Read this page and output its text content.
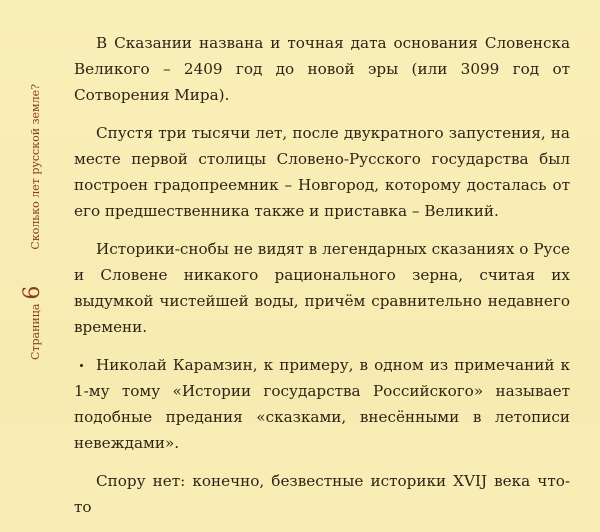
Страница
6
Сколько лет русской земле?

В Сказании названа и точная дата основания Словенска Великого – 2409 год до новой эры (или 3099 год от Сотворения Мира).

Спустя три тысячи лет, после двукратного запустения, на месте первой столицы Словено-Русского государства был построен градопреемник – Новгород, которому досталась от его предшественника также и приставка – Великий.

Историки-снобы не видят в легендарных сказаниях о Русе и Словене никакого рационального зерна, считая их выдумкой чистейшей воды, причём сравнительно недавнего времени.

Николай Карамзин, к примеру, в одном из примечаний к 1-му тому «Истории государства Российского» называет подобные предания «сказками, внесёнными в летописи невеждами».

Спору нет: конечно, безвестные историки XVIJ века что-то
